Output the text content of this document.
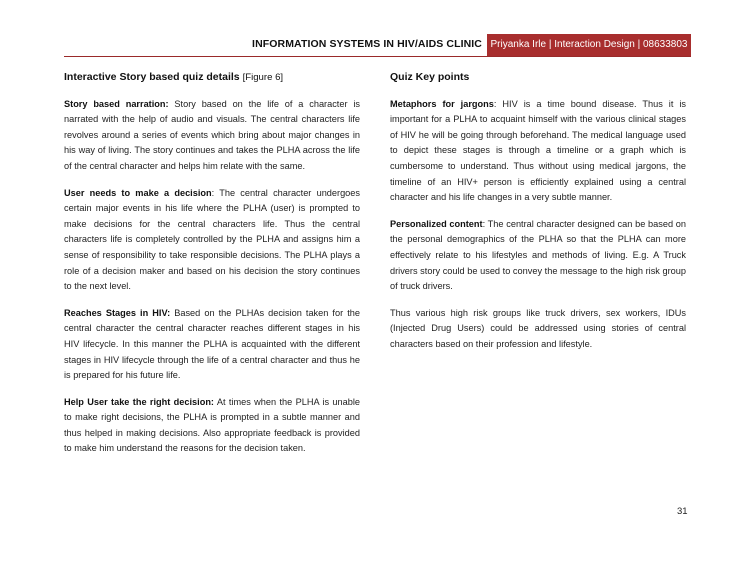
INFORMATION SYSTEMS IN HIV/AIDS CLINIC Priyanka Irle | Interaction Design | 08633803
Interactive Story based quiz details [Figure 6]

Story based narration: Story based on the life of a character is narrated with the help of audio and visuals. The central characters life revolves around a series of events which bring about major changes in his way of living. The story continues and takes the PLHA across the life of the central character and helps him relate with the same.

User needs to make a decision: The central character undergoes certain major events in his life where the PLHA (user) is prompted to make decisions for the central characters life. Thus the central characters life is completely controlled by the PLHA and assigns him a sense of responsibility to take responsible decisions. The PLHA plays a role of a decision maker and based on his decision the story continues to the next level.

Reaches Stages in HIV: Based on the PLHAs decision taken for the central character the central character reaches different stages in his HIV lifecycle. In this manner the PLHA is acquainted with the different stages in HIV lifecycle through the life of a central character and thus he is prepared for his future life.

Help User take the right decision: At times when the PLHA is unable to make right decisions, the PLHA is prompted in a subtle manner and thus helped in making decisions. Also appropriate feedback is provided to make him understand the reasons for the decision taken.

Quiz Key points

Metaphors for jargons: HIV is a time bound disease. Thus it is important for a PLHA to acquaint himself with the various clinical stages of HIV he will be going through beforehand. The medical language used to depict these stages is through a timeline or a graph which is cumbersome to understand. Thus without using medical jargons, the timeline of an HIV+ person is efficiently explained using a central character and his life changes in a very subtle manner.

Personalized content: The central character designed can be based on the personal demographics of the PLHA so that the PLHA can more effectively relate to his lifestyles and methods of living. E.g. A Truck drivers story could be used to convey the message to the high risk group of truck drivers.

Thus various high risk groups like truck drivers, sex workers, IDUs (Injected Drug Users) could be addressed using stories of central characters based on their profession and lifestyle.

31
